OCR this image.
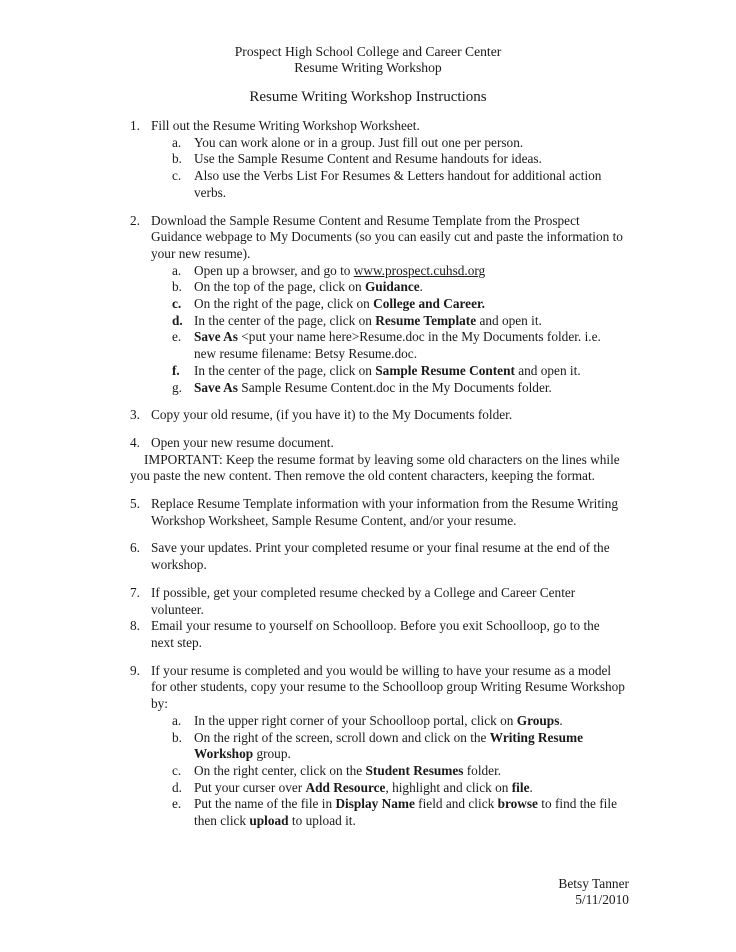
Prospect High School College and Career Center
Resume Writing Workshop
Resume Writing Workshop Instructions
1. Fill out the Resume Writing Workshop Worksheet.
a. You can work alone or in a group. Just fill out one per person.
b. Use the Sample Resume Content and Resume handouts for ideas.
c. Also use the Verbs List For Resumes & Letters handout for additional action verbs.
2. Download the Sample Resume Content and Resume Template from the Prospect Guidance webpage to My Documents (so you can easily cut and paste the information to your new resume).
a. Open up a browser, and go to www.prospect.cuhsd.org
b. On the top of the page, click on Guidance.
c. On the right of the page, click on College and Career.
d. In the center of the page, click on Resume Template and open it.
e. Save As <put your name here>Resume.doc in the My Documents folder. i.e. new resume filename: Betsy Resume.doc.
f. In the center of the page, click on Sample Resume Content and open it.
g. Save As Sample Resume Content.doc in the My Documents folder.
3. Copy your old resume, (if you have it) to the My Documents folder.
4. Open your new resume document.
IMPORTANT: Keep the resume format by leaving some old characters on the lines while you paste the new content. Then remove the old content characters, keeping the format.
5. Replace Resume Template information with your information from the Resume Writing Workshop Worksheet, Sample Resume Content, and/or your resume.
6. Save your updates. Print your completed resume or your final resume at the end of the workshop.
7. If possible, get your completed resume checked by a College and Career Center volunteer.
8. Email your resume to yourself on Schoolloop. Before you exit Schoolloop, go to the next step.
9. If your resume is completed and you would be willing to have your resume as a model for other students, copy your resume to the Schoolloop group Writing Resume Workshop by:
a. In the upper right corner of your Schoolloop portal, click on Groups.
b. On the right of the screen, scroll down and click on the Writing Resume Workshop group.
c. On the right center, click on the Student Resumes folder.
d. Put your curser over Add Resource, highlight and click on file.
e. Put the name of the file in Display Name field and click browse to find the file then click upload to upload it.
Betsy Tanner
5/11/2010
